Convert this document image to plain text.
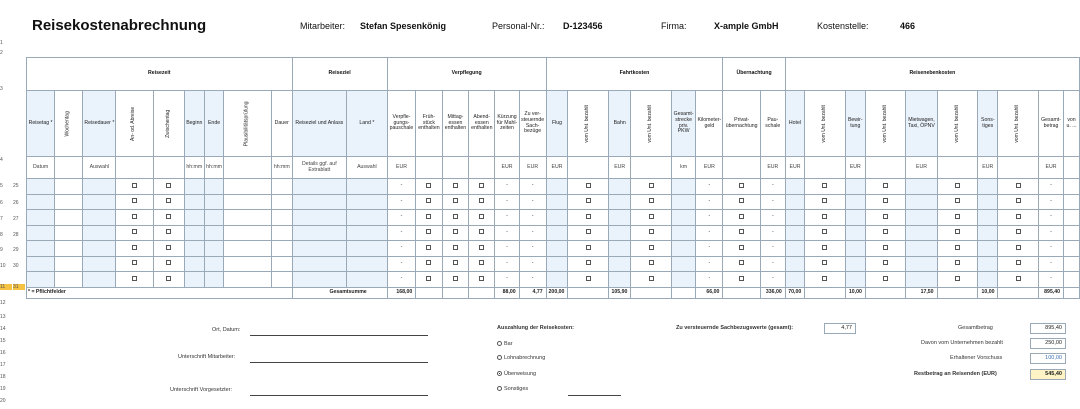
1
2
3
4
5
6
7
8
9
10
11
12
13
14
15
16
17
18
19
20
25
26
27
28
29
30
31
Reisekostenabrechnung	Mitarbeiter: Stefan Spesenkönig	Personal-Nr.: D-123456	Firma:	X-ample GmbH	Kostenstelle:	466
Reisezeit									Reiseziel		Verpflegung						Fahrtkosten						Übernachtung		Reisenebenkosten									
Reisetag *	Wochentag	Reisedauer *	An- od. Abreise	Zwischentag	Beginn	Ende	Plausibilitätsprüfung	Dauer	Reiseziel und Anlass	Land *	Verpfle-gungs-pauschale	Früh-stück enthalten	Mittag-essen enthalten	Abend-essen enthalten	Kürzung für Mahl-zeiten	Zu ver-steuernde Sach-bezüge	Flug	vom Unt. bezahlt	Bahn	vom Unt. bezahlt	Gesamt-strecke priv. PKW	Kilometer-geld	Privat-übernachtung	Pau-schale	Hotel	vom Unt. bezahlt	Bewir-tung	vom Unt. bezahlt	Mietwagen, Taxi, ÖPNV	vom Unt. bezahlt	Sons-tiges	vom Unt. bezahlt	Gesamt-betrag	von u. ...
Datum		Auswahl			hh:mm	hh:mm		hh:mm	Details ggf. auf Extrablatt	Auswahl	EUR				EUR	EUR	EUR		EUR		km	EUR		EUR	EUR		EUR		EUR		EUR		EUR	
											-				-	-						-		-									-	
											-				-	-						-		-									-	
											-				-	-						-		-									-	
											-				-	-						-		-									-	
											-				-	-						-		-									-	
											-				-	-						-		-									-	
											-				-	-						-		-									-	
* = Pflichtfelder									Gesamtsumme		168,00				88,00	4,77	200,00		105,90			66,00		336,00	70,00		10,00		17,50		10,00		895,40	
Ort, Datum:
Unterschrift Mitarbeiter:
Unterschrift Vorgesetzter:
Auszahlung der Reisekosten:
Bar
Lohnabrechnung
Überweisung
Sonstiges
Zu versteuernde Sachbezugswerte (gesamt):	4,77	Gesamtbetrag	895,40
Davon vom Unternehmen bezahlt	250,00
Erhaltener Vorschuss	100,00
Restbetrag an Reisenden (EUR)	545,40
